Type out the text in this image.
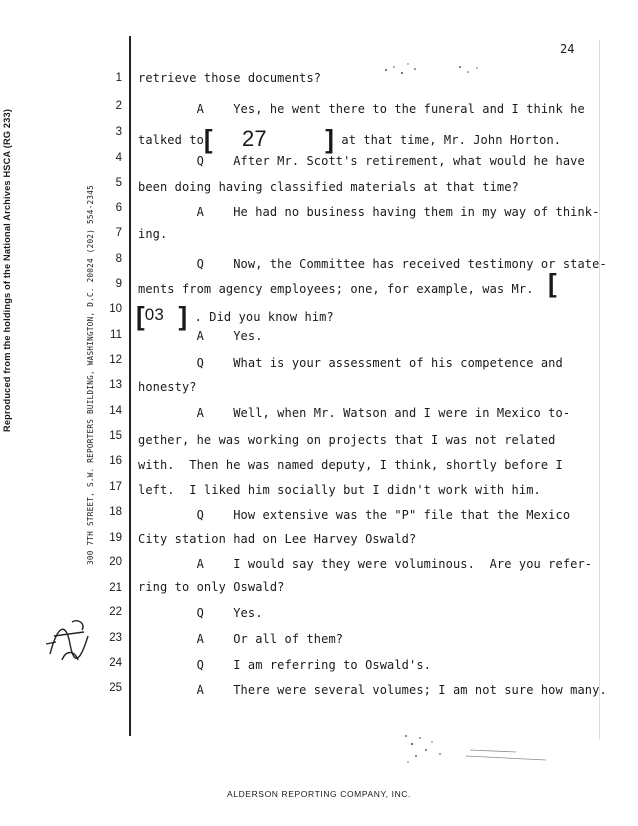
Reproduced from the holdings of the National Archives HSCA (RG 233)	300 7TH STREET, S.W. REPORTERS BUILDING, WASHINGTON, D.C. 20024 (202) 554-2345
24
1 retrieve those documents?
2 A    Yes, he went there to the funeral and I think he
3
talked to[ 27 ] at that time, Mr. John Horton.
4 Q    After Mr. Scott's retirement, what would he have
5 been doing having classified materials at that time?
6 A    He had no business having them in my way of think-
7 ing.
8 Q    Now, the Committee has received testimony or state-
9 ments from agency employees; one, for example, was Mr. [
10 [03 ] . Did you know him?
11 A    Yes.
12 Q    What is your assessment of his competence and
13 honesty?
14 A    Well, when Mr. Watson and I were in Mexico to-
15 gether, he was working on projects that I was not related
16 with.  Then he was named deputy, I think, shortly before I
17 left.  I liked him socially but I didn't work with him.
18 Q    How extensive was the "P" file that the Mexico
19 City station had on Lee Harvey Oswald?
20 A    I would say they were voluminous.  Are you refer-
21 ring to only Oswald?
22 Q    Yes.
23 A    Or all of them?
24 Q    I am referring to Oswald's.
25 A    There were several volumes; I am not sure how many.
ALDERSON REPORTING COMPANY, INC.
